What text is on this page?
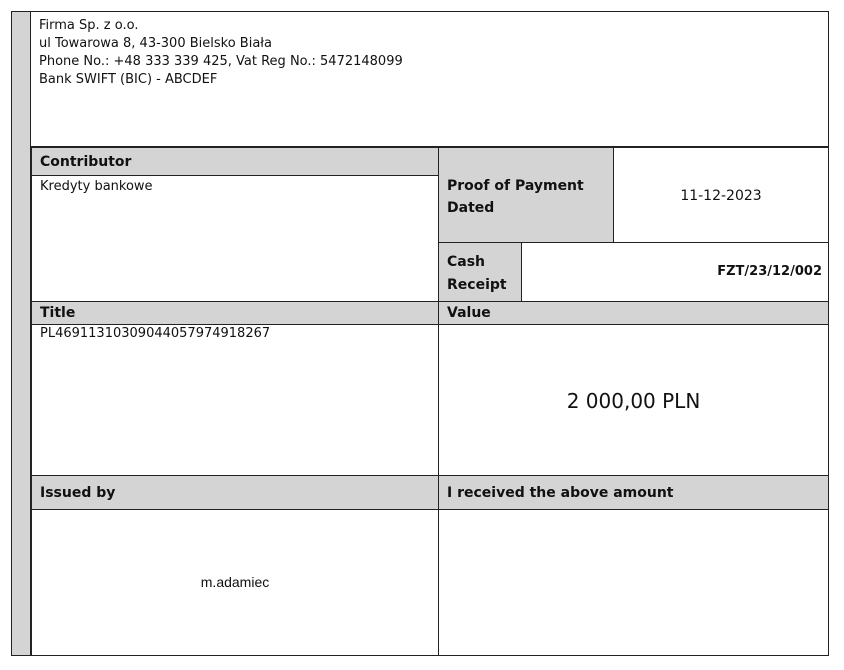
Firma Sp. z o.o.
ul Towarowa 8, 43-300 Bielsko Biała
Phone No.: +48 333 339 425, Vat Reg No.: 5472148099
Bank SWIFT (BIC) - ABCDEF
Contributor
Kredyty bankowe	Proof of Payment
Dated
11-12-2023
Cash
Receipt
FZT/23/12/002
Title
PL46911310309044057974918267
Value
2 000,00 PLN
Issued by
m.adamiec
I received the above amount
